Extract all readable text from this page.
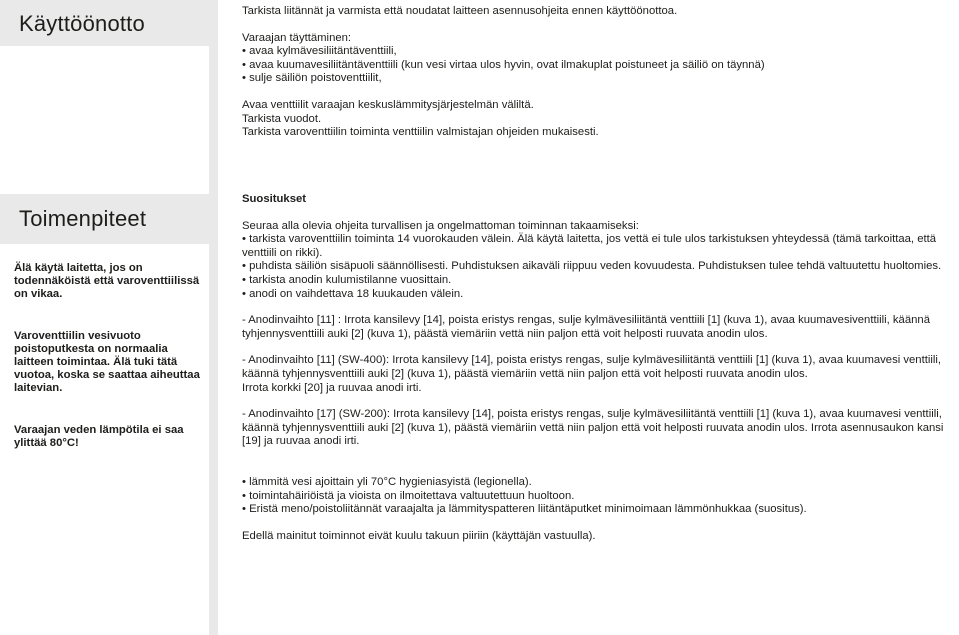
Käyttöönotto	Tarkista liitännät ja varmista että noudatat laitteen asennusohjeita ennen käyttöönottoa.

Varaajan täyttäminen:

• avaa kylmävesiliitäntäventtiili,

• avaa kuumavesiliitäntäventtiili (kun vesi virtaa ulos hyvin, ovat ilmakuplat poistuneet ja säiliö on täynnä)

• sulje säiliön poistoventtiilit,

Avaa venttiilit varaajan keskuslämmitysjärjestelmän väliltä.

Tarkista vuodot.

Tarkista varoventtiilin toiminta venttiilin valmistajan ohjeiden mukaisesti.

Toimenpiteet
Älä käytä laitetta, jos on todennäköistä että varoventtiilissä on vikaa.
Varoventtiilin vesivuoto poistoputkesta on normaalia laitteen toimintaa. Älä tuki tätä vuotoa, koska se saattaa aiheuttaa laitevian.
Varaajan veden lämpötila ei saa ylittää 80°C!

Suositukset

Seuraa alla olevia ohjeita turvallisen ja ongelmattoman toiminnan takaamiseksi:

• tarkista varoventtiilin toiminta 14 vuorokauden välein. Älä käytä laitetta, jos vettä ei tule ulos tarkistuksen yhteydessä (tämä tarkoittaa, että venttiili on rikki).

• puhdista säiliön sisäpuoli säännöllisesti. Puhdistuksen aikaväli riippuu veden kovuudesta. Puhdistuksen tulee tehdä valtuutettu huoltomies.

• tarkista anodin kulumistilanne vuosittain.

• anodi on vaihdettava 18 kuukauden välein.

- Anodinvaihto [11] : Irrota kansilevy [14], poista eristys rengas, sulje kylmävesiliitäntä venttiili [1] (kuva 1), avaa kuumavesiventtiili, käännä tyhjennysventtiili auki [2] (kuva 1), päästä viemäriin vettä niin paljon että voit helposti ruuvata anodin ulos.

- Anodinvaihto [11] (SW-400): Irrota kansilevy [14], poista eristys rengas, sulje kylmävesiliitäntä venttiili [1] (kuva 1), avaa kuumavesi venttiili, käännä tyhjennysventtiili auki [2] (kuva 1), päästä viemäriin vettä niin paljon että voit helposti ruuvata anodin ulos.

Irrota korkki [20] ja ruuvaa anodi irti.

- Anodinvaihto [17] (SW-200): Irrota kansilevy [14], poista eristys rengas, sulje kylmävesiliitäntä venttiili [1] (kuva 1), avaa kuumavesi venttiili, käännä tyhjennysventtiili auki [2] (kuva 1), päästä viemäriin vettä niin paljon että voit helposti ruuvata anodin ulos. Irrota asennusaukon kansi [19] ja ruuvaa anodi irti.

• lämmitä vesi ajoittain yli 70°C hygieniasyistä (legionella).

• toimintahäiriöistä ja vioista on ilmoitettava valtuutettuun huoltoon.

• Eristä meno/poistoliitännät varaajalta ja lämmityspatteren liitäntäputket minimoimaan lämmönhukkaa (suositus).

Edellä mainitut toiminnot eivät kuulu takuun piiriin (käyttäjän vastuulla).
